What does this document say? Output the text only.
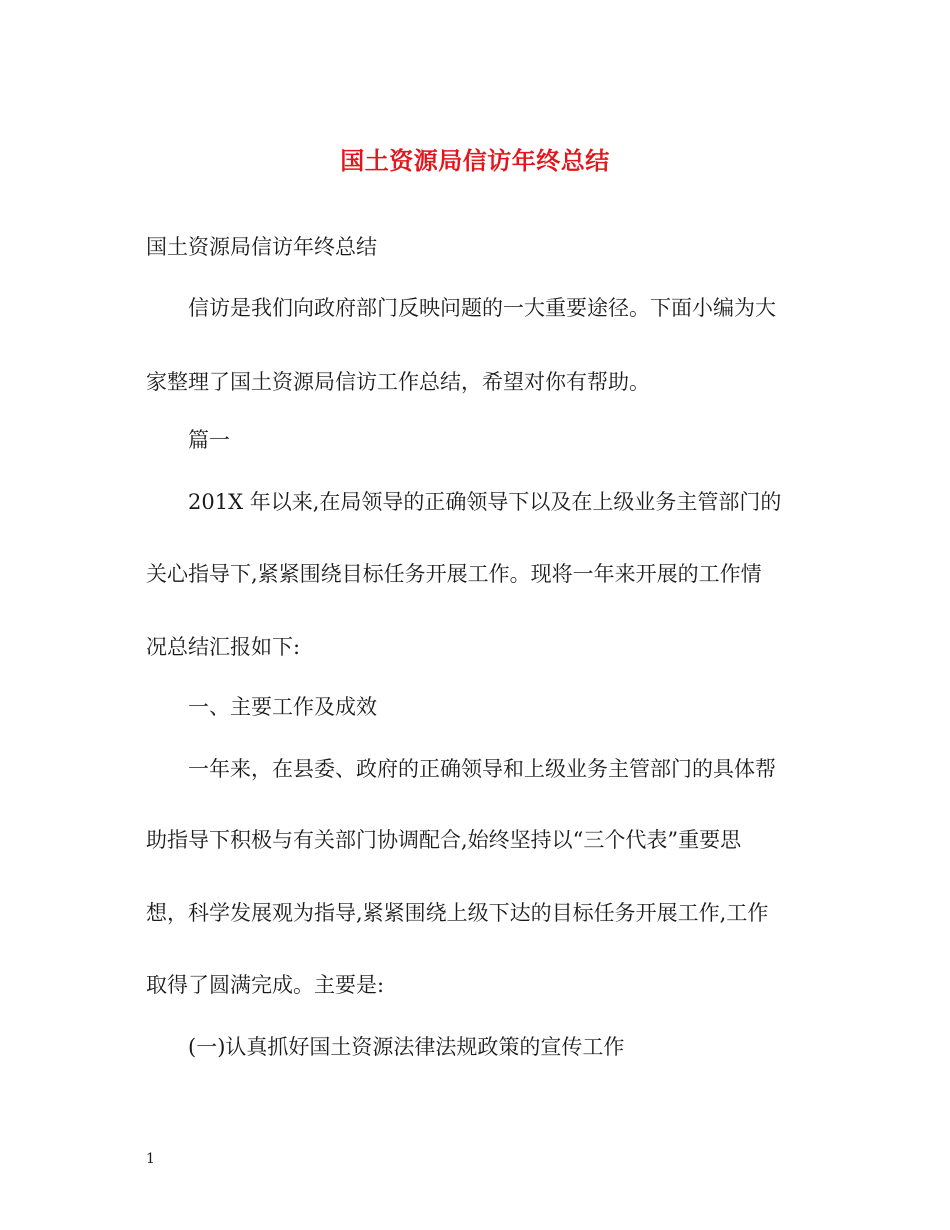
国土资源局信访年终总结
国土资源局信访年终总结
信访是我们向政府部门反映问题的一大重要途径。下面小编为大
家整理了国土资源局信访工作总结，希望对你有帮助。
篇一
201X 年以来,在局领导的正确领导下以及在上级业务主管部门的
关心指导下,紧紧围绕目标任务开展工作。现将一年来开展的工作情
况总结汇报如下:
一、主要工作及成效
一年来，在县委、政府的正确领导和上级业务主管部门的具体帮
助指导下积极与有关部门协调配合,始终坚持以“三个代表”重要思
想，科学发展观为指导,紧紧围绕上级下达的目标任务开展工作,工作
取得了圆满完成。主要是:
(一)认真抓好国土资源法律法规政策的宣传工作
1
